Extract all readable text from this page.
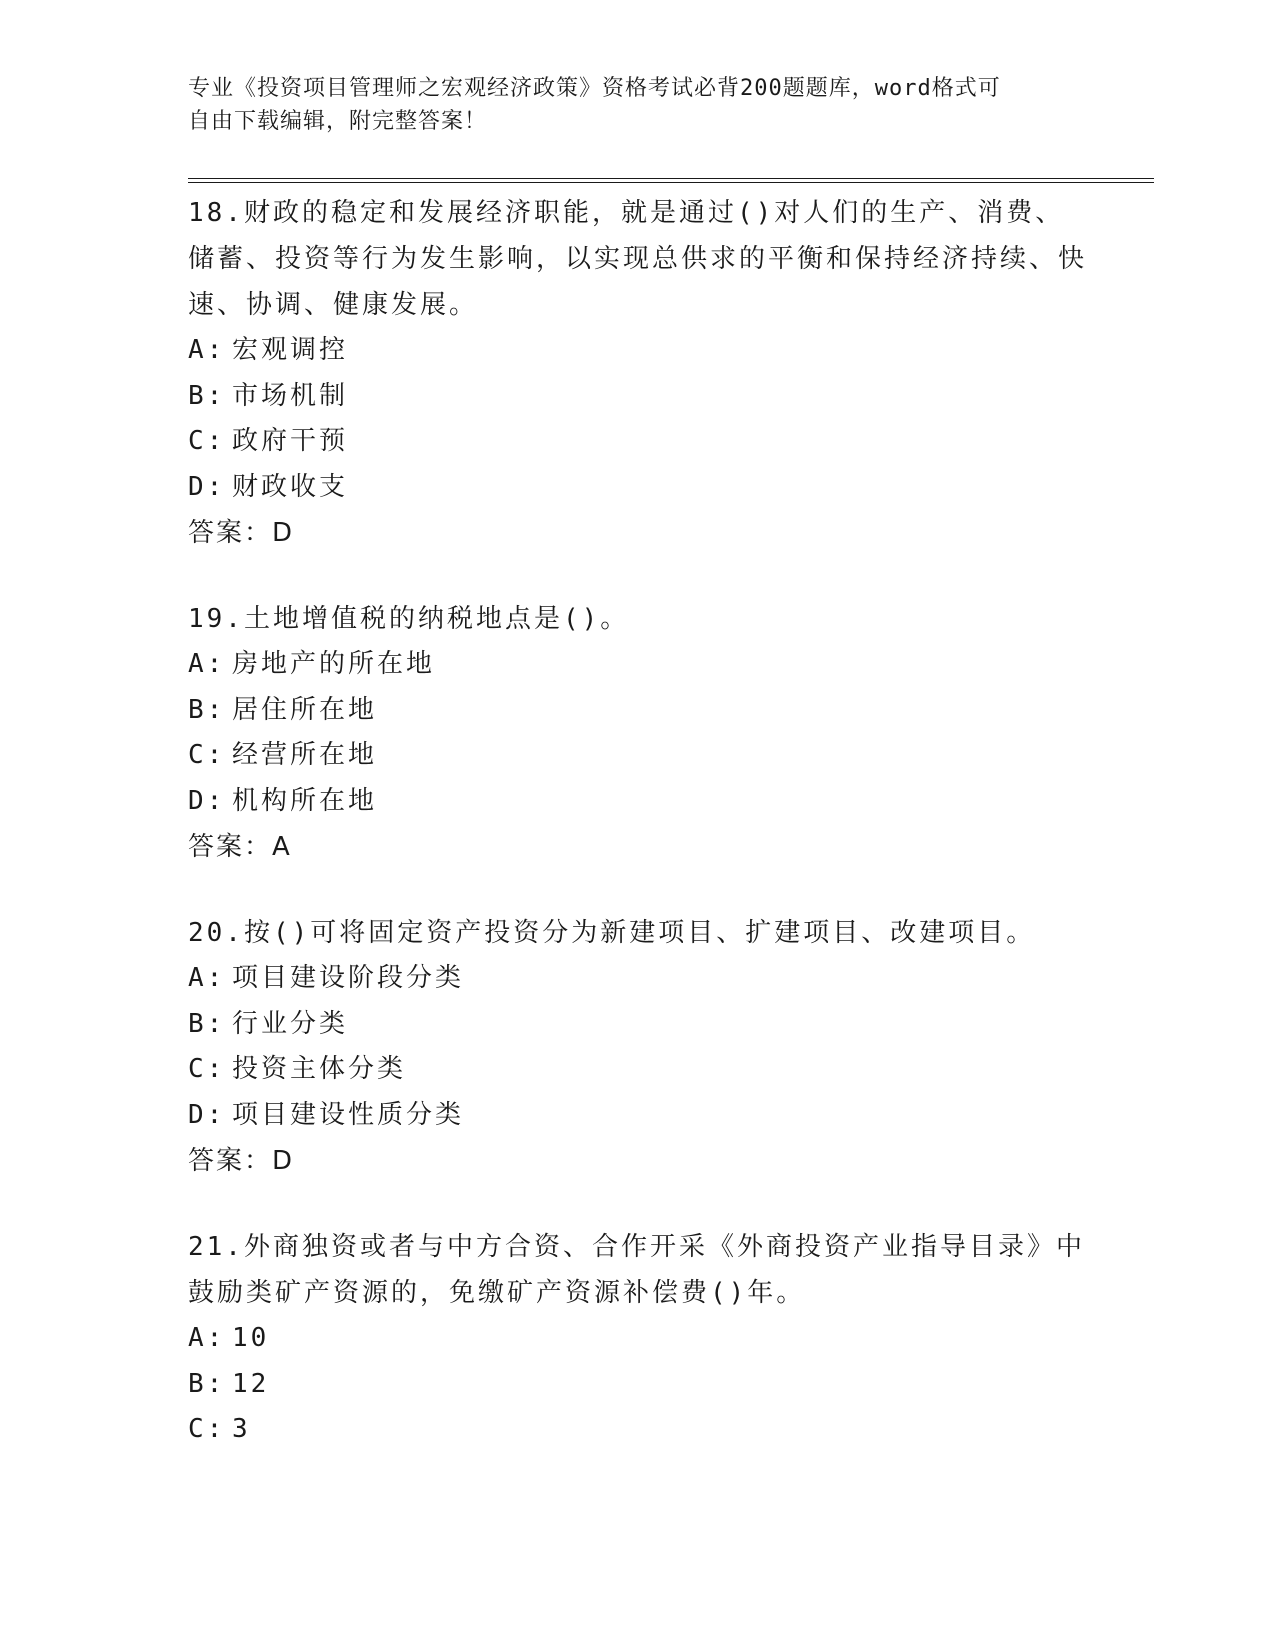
专业《投资项目管理师之宏观经济政策》资格考试必背200题题库，word格式可
自由下载编辑，附完整答案！
18.财政的稳定和发展经济职能，就是通过()对人们的生产、消费、储蓄、投资等行为发生影响，以实现总供求的平衡和保持经济持续、快速、协调、健康发展。
A: 宏观调控
B: 市场机制
C: 政府干预
D: 财政收支
答案：D
19.土地增值税的纳税地点是()。
A: 房地产的所在地
B: 居住所在地
C: 经营所在地
D: 机构所在地
答案：A
20.按()可将固定资产投资分为新建项目、扩建项目、改建项目。
A: 项目建设阶段分类
B: 行业分类
C: 投资主体分类
D: 项目建设性质分类
答案：D
21.外商独资或者与中方合资、合作开采《外商投资产业指导目录》中鼓励类矿产资源的，免缴矿产资源补偿费()年。
A: 10
B: 12
C: 3
